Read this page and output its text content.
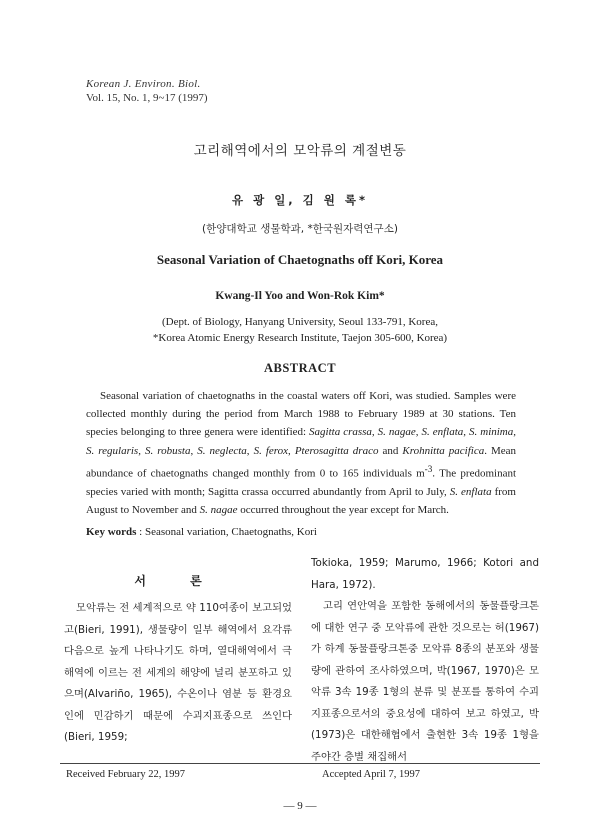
Korean J. Environ. Biol.
Vol. 15, No. 1, 9~17 (1997)
고리해역에서의 모악류의 계절변동
유 광 일, 김 원 록*
(한양대학교 생물학과, *한국원자력연구소)
Seasonal Variation of Chaetognaths off Kori, Korea
Kwang-Il Yoo and Won-Rok Kim*
(Dept. of Biology, Hanyang University, Seoul 133-791, Korea,
*Korea Atomic Energy Research Institute, Taejon 305-600, Korea)
ABSTRACT

Seasonal variation of chaetognaths in the coastal waters off Kori, was studied. Samples were collected monthly during the period from March 1988 to February 1989 at 30 stations. Ten species belonging to three genera were identified: Sagitta crassa, S. nagae, S. enflata, S. minima, S. regularis, S. robusta, S. neglecta, S. ferox, Pterosagitta draco and Krohnitta pacifica. Mean abundance of chaetognaths changed monthly from 0 to 165 individuals $m^{-3}$. The predominant species varied with month; Sagitta crassa occurred abundantly from April to July, S. enflata from August to November and S. nagae occurred throughout the year except for March.

Key words : Seasonal variation, Chaetognaths, Kori
서 론

모악류는 전 세계적으로 약 110여종이 보고되었고(Bieri, 1991), 생물량이 일부 해역에서 요각류 다음으로 높게 나타나기도 하며, 열대해역에서 극해역에 이르는 전 세계의 해양에 널리 분포하고 있으며(Alvariño, 1965), 수온이나 염분 등 환경요인에 민감하기 때문에 수괴지표종으로 쓰인다(Bieri, 1959;

Tokioka, 1959; Marumo, 1966; Kotori and Hara, 1972).

고리 연안역을 포함한 동해에서의 동물플랑크톤에 대한 연구 중 모악류에 관한 것으로는 허(1967)가 하계 동물플랑크톤중 모악류 8종의 분포와 생물량에 관하여 조사하였으며, 박(1967, 1970)은 모악류 3속 19종 1형의 분류 및 분포를 통하여 수괴지표종으로서의 중요성에 대하여 보고 하였고, 박(1973)은 대한해협에서 출현한 3속 19종 1형을 주야간 층별 채집해서

Received February 22, 1997	Accepted April 7, 1997
— 9 —
